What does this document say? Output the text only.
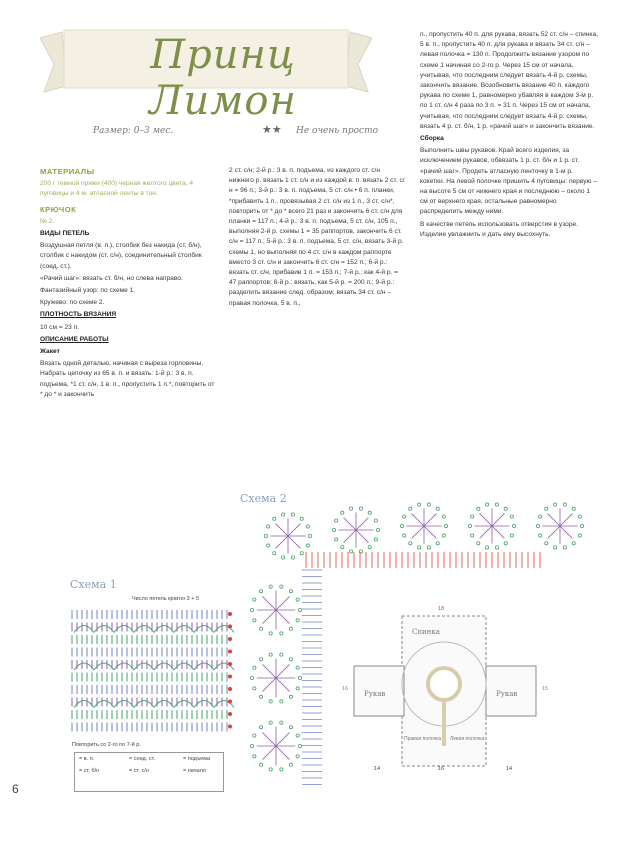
Принц Лимон
Размер: 0–3 мес.	★★ Не очень просто

МАТЕРИАЛЫ

200 г темной пряжи (400) черная желтого цвета, 4 пуговицы и 4 м. атласной ленты в тон.

КРЮЧОК

№ 2.

ВИДЫ ПЕТЕЛЬ

Воздушная петля (в. п.), столбик без накида (ст. б/н), столбик с накидом (ст. с/н), соединительный столбик (соед. ст.).

«Рачий шаг»: вязать ст. б/н, но слева направо.

Фантазийный узор: по схеме 1.

Кружево: по схеме 2.

ПЛОТНОСТЬ ВЯЗАНИЯ

10 см = 23 п.

ОПИСАНИЕ РАБОТЫ

Жакет

Вязать одной деталью, начиная с выреза горловины. Набрать цепочку из 65 в. п. и вязать: 1-й р.: 3 в. п. подъема, *1 ст. с/н, 1 в. п., пропустить 1 п.*, повторить от * до * и закончить

2 ст. с/н; 2-й р.: 3 в. п. подъема, из каждого ст. с/н нижнего р. вязать 1 ст. с/н и из каждой в. п. вязать 2 ст. с/н = 96 п.; 3-й р.: 3 в. п. подъема, 5 ст. с/н • 6 п. планки, *прибавить 1 п., провязывая 2 ст. с/н из 1 п., 3 ст. с/н*, повторить от * до * всего 21 раз и закончить 6 ст. с/н для планки = 117 п.; 4-й р.: 3 в. п. подъема, 5 ст. с/н, 105 п., выполняя 2-й р. схемы 1 = 35 раппортов, закончить 6 ст. с/н = 117 п.; 5-й р.: 3 в. п. подъема, 5 ст. с/н, вязать 3-й р. схемы 1, но выполняя по 4 ст. с/н в каждом раппорте вместо 3 ст. с/н и закончить 6 ст. с/н = 152 п.; 6-й р.: вязать ст. с/н, прибавив 1 п. = 153 п.; 7-й р.: как 4-й р. = 47 раппортов; 8-й р.: вязать, как 5-й р. = 200 п.; 9-й р.: разделить вязание след. образом: вязать 34 ст. с/н – правая полочка, 5 в. п.,

п., пропустить 40 п. для рукава, вязать 52 ст. с/н – спинка, 5 в. п., пропустить 40 п. для рукава и вязать 34 ст. с/н – левая полочка = 130 п. Продолжить вязание узором по схеме 1 начиная со 2-го р. Через 15 см от начала, учитывая, что последним следует вязать 4-й р. схемы, закончить вязание. Возобновить вязание 40 п. каждого рукава по схеме 1, равномерно убавляя в каждом 3-м р. по 1 ст. с/н 4 раза по 3 п. = 31 п. Через 15 см от начала, учитывая, что последним следует вязать 4-й р. схемы, вязать 4 р. ст. б/н, 1 р. «рачий шаг» и закончить вязание.

Сборка

Выполнить швы рукавов. Край всего изделия, за исключением рукавов, обвязать 1 р. ст. б/н и 1 р. ст. «рачий шаг». Продеть атласную ленточку в 1-м р. кокетки. На левой полочке пришить 4 пуговицы: первую – на высоте 5 см от нижнего края и последнюю – около 1 см от верхнего края, остальные равномерно распределить между ними.

В качестве петель использовать отверстия в узоре. Изделие увлажнить и дать ему высохнуть.

Схема 1
Число петель кратно 3 + 5
Повторить со 2-го по 7-й р.
= в. п.
= ст. б/н
= соед. ст.
= ст. с/н
= подъема
= начало
Схема 2
Спинка
Рукав	Рукав
Правая полочка Левая полочка
18
16	15
14	16	14
6
